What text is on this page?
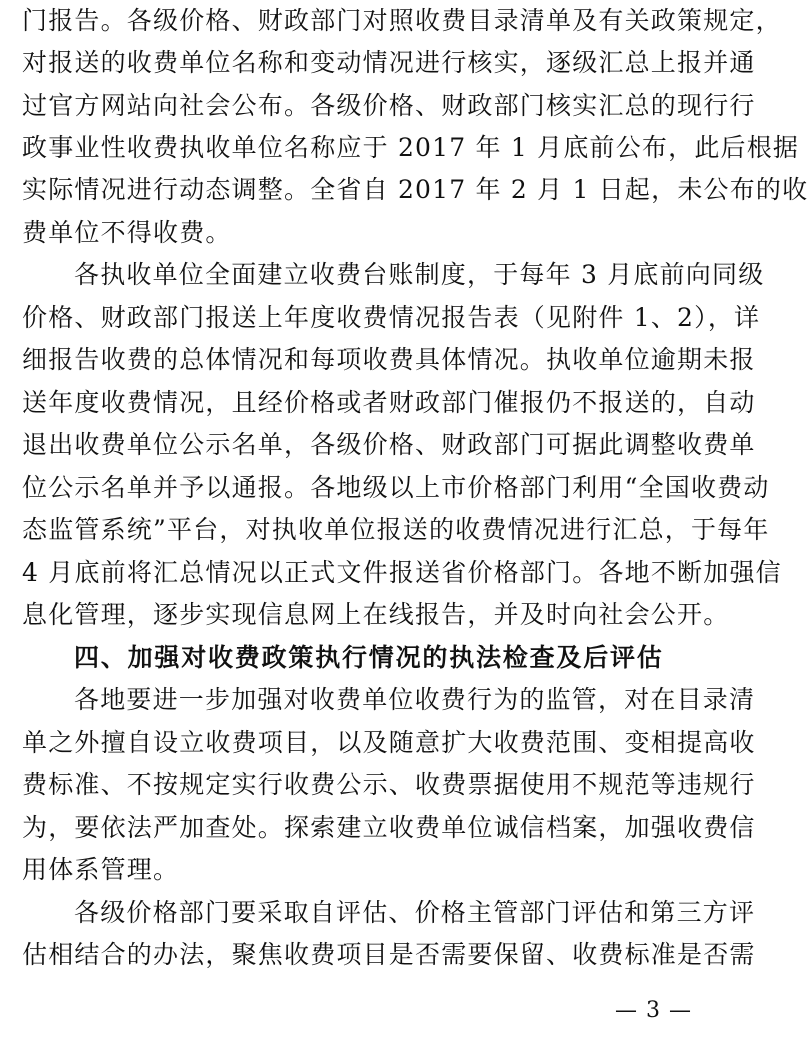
门报告。各级价格、财政部门对照收费目录清单及有关政策规定，
对报送的收费单位名称和变动情况进行核实，逐级汇总上报并通
过官方网站向社会公布。各级价格、财政部门核实汇总的现行行
政事业性收费执收单位名称应于 2017 年 1 月底前公布，此后根据
实际情况进行动态调整。全省自 2017 年 2 月 1 日起，未公布的收
费单位不得收费。
各执收单位全面建立收费台账制度，于每年 3 月底前向同级
价格、财政部门报送上年度收费情况报告表（见附件 1、2），详
细报告收费的总体情况和每项收费具体情况。执收单位逾期未报
送年度收费情况，且经价格或者财政部门催报仍不报送的，自动
退出收费单位公示名单，各级价格、财政部门可据此调整收费单
位公示名单并予以通报。各地级以上市价格部门利用“全国收费动
态监管系统”平台，对执收单位报送的收费情况进行汇总，于每年
4 月底前将汇总情况以正式文件报送省价格部门。各地不断加强信
息化管理，逐步实现信息网上在线报告，并及时向社会公开。
四、加强对收费政策执行情况的执法检查及后评估
各地要进一步加强对收费单位收费行为的监管，对在目录清
单之外擅自设立收费项目，以及随意扩大收费范围、变相提高收
费标准、不按规定实行收费公示、收费票据使用不规范等违规行
为，要依法严加查处。探索建立收费单位诚信档案，加强收费信
用体系管理。
各级价格部门要采取自评估、价格主管部门评估和第三方评
估相结合的办法，聚焦收费项目是否需要保留、收费标准是否需
— 3 —
